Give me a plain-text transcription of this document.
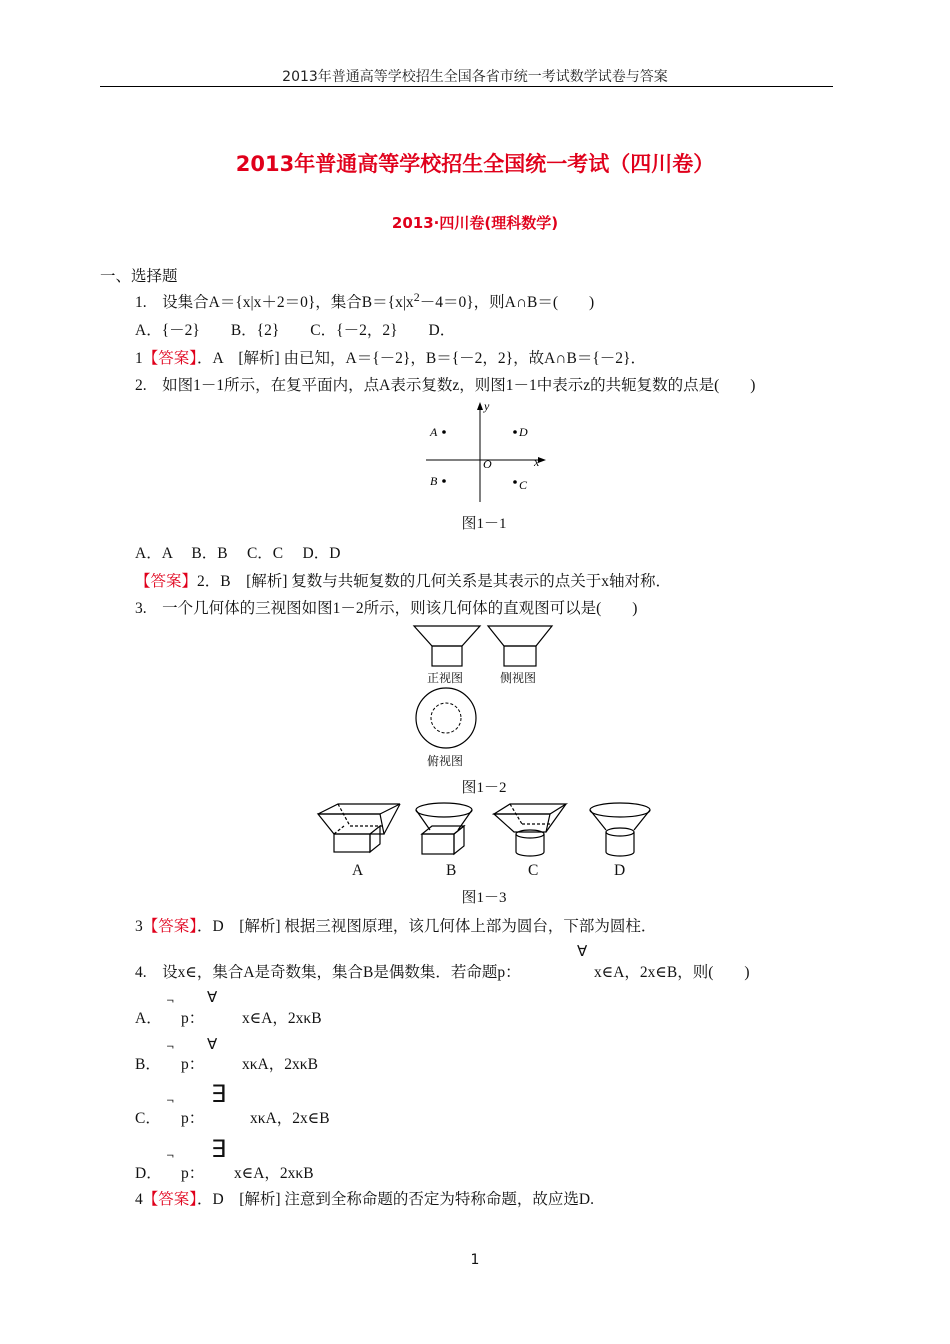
2013年普通高等学校招生全国各省市统一考试数学试卷与答案
2013年普通高等学校招生全国统一考试（四川卷）
2013·四川卷(理科数学)
一、选择题
1.　设集合A＝{x|x＋2＝0}，集合$B=\{x|x^2-4=0\}$，则A∩B＝(　　)
A．{－2}　　B．{2}　　C．{－2，2}　　D．
1【答案】．A　[解析] 由已知，A＝{－2}，B＝{－2，2}，故A∩B＝{－2}．
2.　如图1－1所示，在复平面内，点A表示复数z，则图1－1中表示z的共轭复数的点是(　　)
y
x
O
A	D
B	C
图1－1
A．A　 B．B　 C．C　 D．D
【答案】2．B　[解析] 复数与共轭复数的几何关系是其表示的点关于x轴对称．
3.　一个几何体的三视图如图1－2所示，则该几何体的直观图可以是(　　)
正视图	侧视图
俯视图
图1－2
A	B	C	D
图1－3
3【答案】．D　[解析] 根据三视图原理，该几何体上部为圆台，下部为圆柱．
4.　设x∈，集合A是奇数集，集合B是偶数集．若命题p：
∀
x∈A，2x∈B，则(　　)
A．
¬
p：
∀
x∈A，2xκB
B．
¬
p：
∀
xκA，2xκB
C．
¬
p：
∃
xκA，2x∈B
D．
¬
p：
∃
x∈A，2xκB
4【答案】．D　[解析] 注意到全称命题的否定为特称命题，故应选D.
1
